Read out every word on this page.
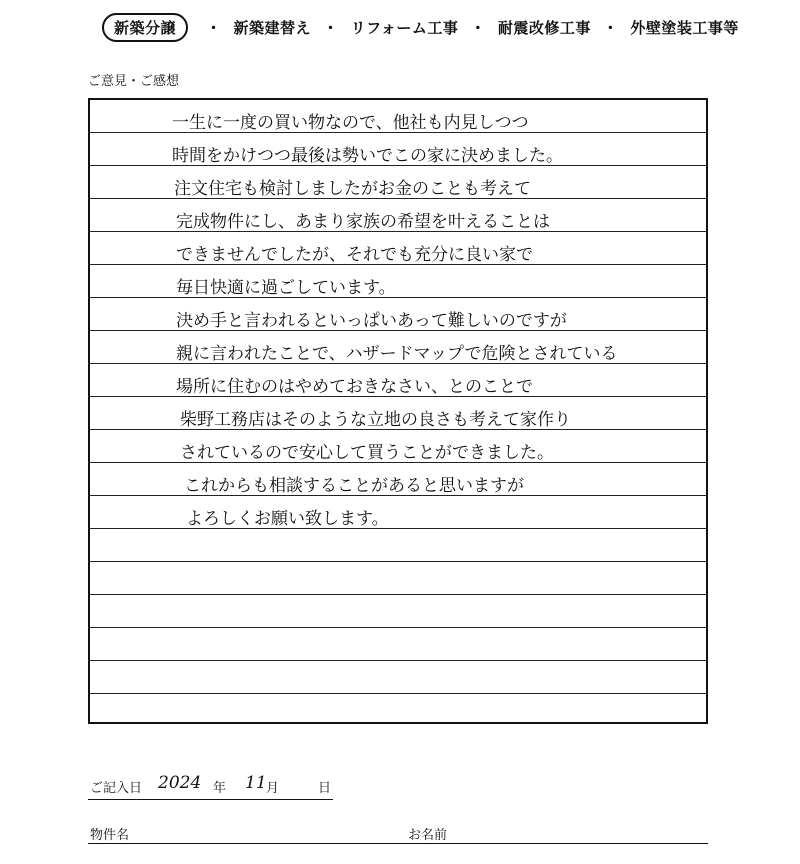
新築分譲	・ 新築建替え ・ リフォーム工事 ・ 耐震改修工事 ・ 外壁塗装工事等
ご意見・ご感想
一生に一度の買い物なので、他社も内見しつつ
時間をかけつつ最後は勢いでこの家に決めました。
注文住宅も検討しましたがお金のことも考えて
完成物件にし、あまり家族の希望を叶えることは
できませんでしたが、それでも充分に良い家で
毎日快適に過ごしています。
決め手と言われるといっぱいあって難しいのですが
親に言われたことで、ハザードマップで危険とされている
場所に住むのはやめておきなさい、とのことで
柴野工務店はそのような立地の良さも考えて家作り
されているので安心して買うことができました。
これからも相談することがあると思いますが
よろしくお願い致します。
ご記入日 2024 年 11 月	日
物件名	お名前
